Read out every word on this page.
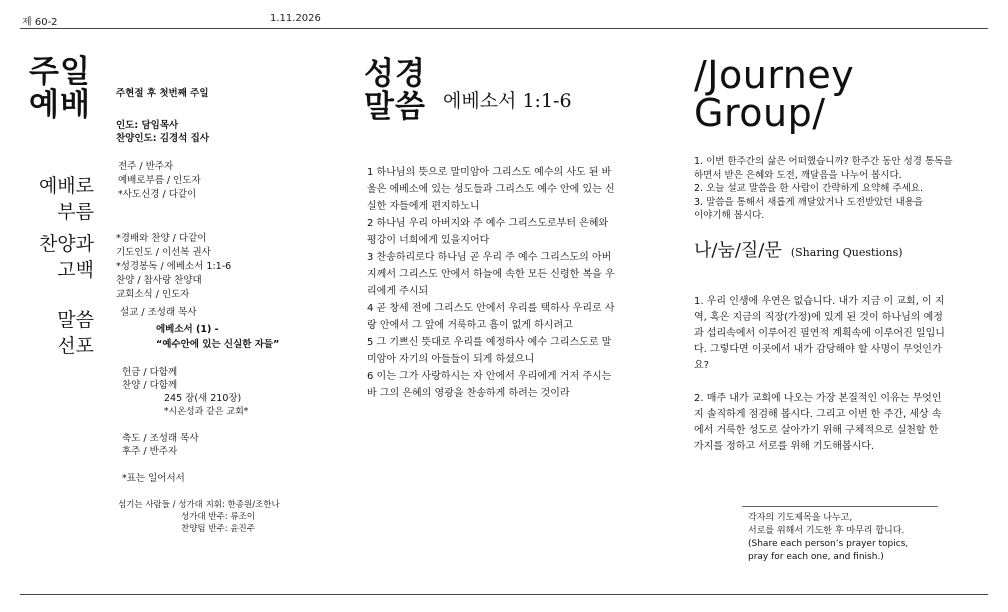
제 60-2	1.11.2026
주일
예배	주현절 후 첫번째 주일
인도: 담임목사
찬양인도: 김경석 집사
예배로
부름
전주 / 반주자
예배로부름 / 인도자
*사도신경 / 다같이
찬양과
고백
*경배와 찬양 / 다같이
기도인도 / 이선복 권사
*성경봉독 / 에베소서 1:1-6
찬양 / 참사랑 찬양대
교회소식 / 인도자
말씀
선포
설교 / 조성래 목사
에베소서 (1) -
“예수안에 있는 신실한 자들”
헌금 / 다함께
찬양 / 다함께
245 장(새 210장)
*시온성과 같은 교회*
축도 / 조성래 목사
후주 / 반주자
*표는 일어서서
섬기는 사람들 / 성가대 지휘: 한종원/조한나
성가대 반주: 류조이
찬양팀 반주: 윤진주
성경
말씀 에베소서 1:1-6
1 하나님의 뜻으로 말미암아 그리스도 예수의 사도 된 바
울은 에베소에 있는 성도들과 그리스도 예수 안에 있는 신
실한 자들에게 편지하노니
2 하나님 우리 아버지와 주 예수 그리스도로부터 은혜와
평강이 너희에게 있을지어다
3 찬송하리로다 하나님 곧 우리 주 예수 그리스도의 아버
지께서 그리스도 안에서 하늘에 속한 모든 신령한 복을 우
리에게 주시되
4 곧 창세 전에 그리스도 안에서 우리를 택하사 우리로 사
랑 안에서 그 앞에 거룩하고 흠이 없게 하시려고
5 그 기쁘신 뜻대로 우리를 예정하사 예수 그리스도로 말
미암아 자기의 아들들이 되게 하셨으니
6 이는 그가 사랑하시는 자 안에서 우리에게 거저 주시는
바 그의 은혜의 영광을 찬송하게 하려는 것이라
/Journey
Group/
1. 이번 한주간의 삶은 어떠했습니까? 한주간 동안 성경 통독을
하면서 받은 은혜와 도전, 깨달음을 나누어 봅시다.
2. 오늘 설교 말씀을 한 사람이 간략하게 요약해 주세요.
3. 말씀을 통해서 새롭게 깨달았거나 도전받았던 내용을
이야기해 봅시다.
나/눔/질/문 (Sharing Questions)
1. 우리 인생에 우연은 없습니다. 내가 지금 이 교회, 이 지
역, 혹은 지금의 직장(가정)에 있게 된 것이 하나님의 예정
과 섭리속에서 이루어진 필연적 계획속에 이루어진 일입니
다. 그렇다면 이곳에서 내가 감당해야 할 사명이 무엇인가
요?
2. 매주 내가 교회에 나오는 가장 본질적인 이유는 무엇인
지 솔직하게 점검해 봅시다. 그리고 이번 한 주간, 세상 속
에서 거룩한 성도로 살아가기 위해 구체적으로 실천할 한
가지를 정하고 서로를 위해 기도해봅시다.
각자의 기도제목을 나누고,
서로를 위해서 기도한 후 마무리 합니다.
(Share each person’s prayer topics,
pray for each one, and finish.)
